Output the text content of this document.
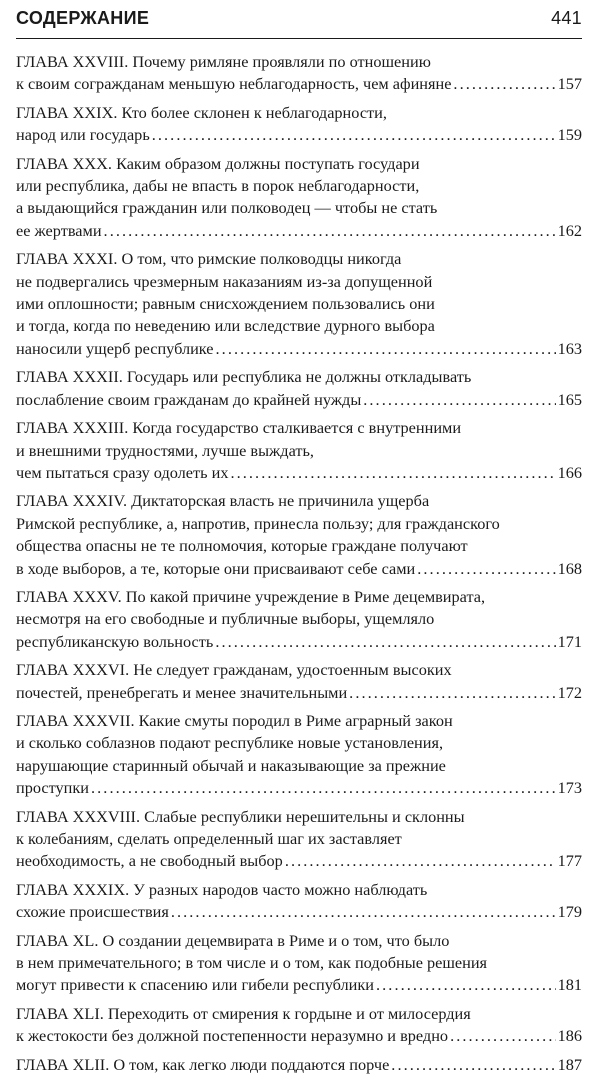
СОДЕРЖАНИЕ	441
ГЛАВА XXVIII. Почему римляне проявляли по отношению
к своим согражданам меньшую неблагодарность, чем афиняне . . .	157
ГЛАВА XXIX. Кто более склонен к неблагодарности,
народ или государь . . .	159
ГЛАВА XXX. Каким образом должны поступать государи
или республика, дабы не впасть в порок неблагодарности,
а выдающийся гражданин или полководец — чтобы не стать
ее жертвами . . .	162
ГЛАВА XXXI. О том, что римские полководцы никогда
не подвергались чрезмерным наказаниям из-за допущенной
ими оплошности; равным снисхождением пользовались они
и тогда, когда по неведению или вследствие дурного выбора
наносили ущерб республике . . .	163
ГЛАВА XXXII. Государь или республика не должны откладывать
послабление своим гражданам до крайней нужды . . .	165
ГЛАВА XXXIII. Когда государство сталкивается с внутренними
и внешними трудностями, лучше выждать,
чем пытаться сразу одолеть их . . .	166
ГЛАВА XXXIV. Диктаторская власть не причинила ущерба
Римской республике, а, напротив, принесла пользу; для гражданского
общества опасны не те полномочия, которые граждане получают
в ходе выборов, а те, которые они присваивают себе сами . . .	168
ГЛАВА XXXV. По какой причине учреждение в Риме децемвирата,
несмотря на его свободные и публичные выборы, ущемляло
республиканскую вольность . . .	171
ГЛАВА XXXVI. Не следует гражданам, удостоенным высоких
почестей, пренебрегать и менее значительными . . .	172
ГЛАВА XXXVII. Какие смуты породил в Риме аграрный закон
и сколько соблазнов подают республике новые установления,
нарушающие старинный обычай и наказывающие за прежние
проступки . . .	173
ГЛАВА XXXVIII. Слабые республики нерешительны и склонны
к колебаниям, сделать определенный шаг их заставляет
необходимость, а не свободный выбор . . .	177
ГЛАВА XXXIX. У разных народов часто можно наблюдать
схожие происшествия . . .	179
ГЛАВА XL. О создании децемвирата в Риме и о том, что было
в нем примечательного; в том числе и о том, как подобные решения
могут привести к спасению или гибели республики . . .	181
ГЛАВА XLI. Переходить от смирения к гордыне и от милосердия
к жестокости без должной постепенности неразумно и вредно . . .	186
ГЛАВА XLII. О том, как легко люди поддаются порче . . .	187
